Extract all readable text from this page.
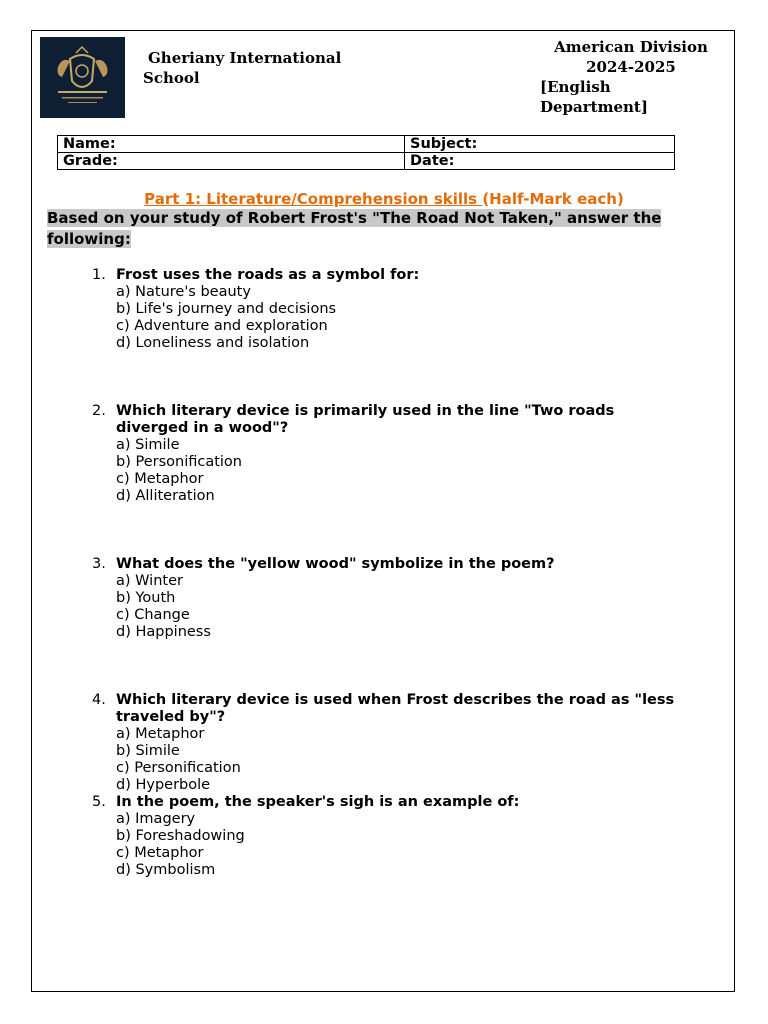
Gheriany International School
American Division
2024-2025
[English Department]
Name:	Subject:
Grade:	Date:
Part 1: Literature/Comprehension skills (Half-Mark each)
Based on your study of Robert Frost's "The Road Not Taken," answer the following:
1. Frost uses the roads as a symbol for:
a) Nature's beauty
b) Life's journey and decisions
c) Adventure and exploration
d) Loneliness and isolation
2. Which literary device is primarily used in the line "Two roads diverged in a wood"?
a) Simile
b) Personification
c) Metaphor
d) Alliteration
3. What does the "yellow wood" symbolize in the poem?
a) Winter
b) Youth
c) Change
d) Happiness
4. Which literary device is used when Frost describes the road as "less traveled by"?
a) Metaphor
b) Simile
c) Personification
d) Hyperbole
5. In the poem, the speaker's sigh is an example of:
a) Imagery
b) Foreshadowing
c) Metaphor
d) Symbolism
